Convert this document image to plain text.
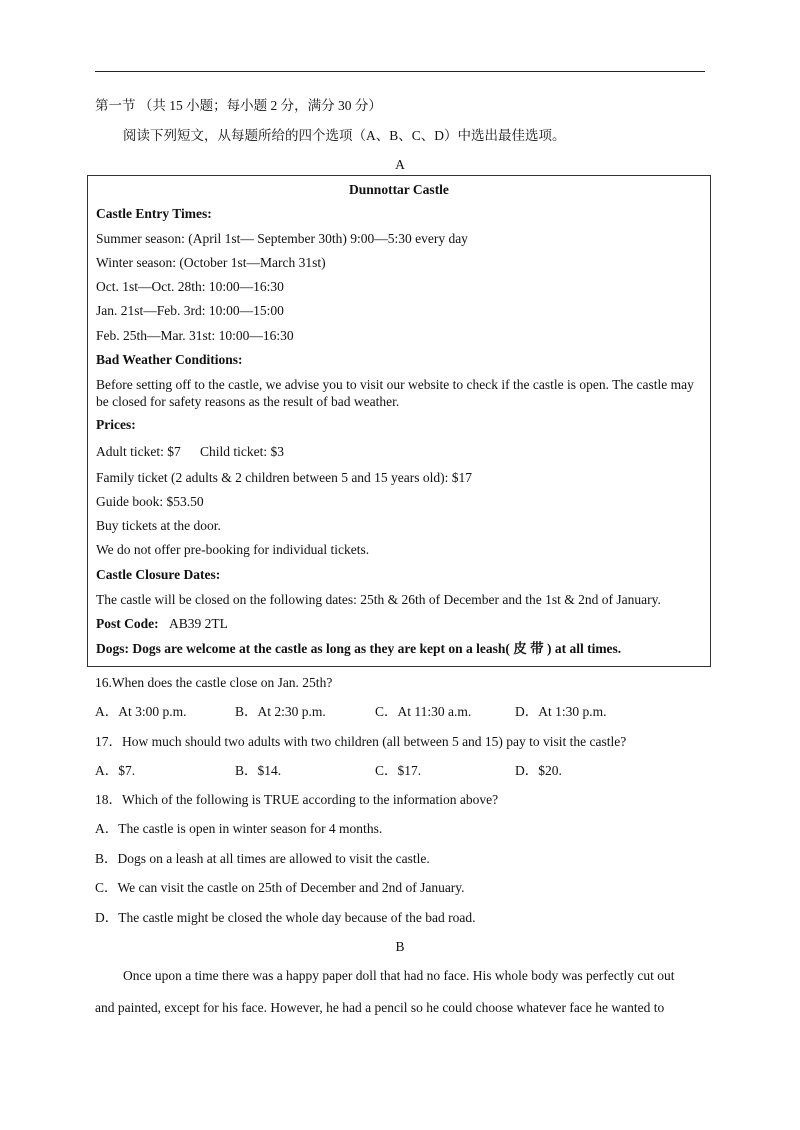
第一节 （共 15 小题；每小题 2 分，满分 30 分）
阅读下列短文，从每题所给的四个选项（A、B、C、D）中选出最佳选项。
A
Dunnottar Castle
Castle Entry Times:
Summer season: (April 1st— September 30th) 9:00—5:30 every day
Winter season: (October 1st—March 31st)
Oct. 1st—Oct. 28th: 10:00—16:30
Jan. 21st—Feb. 3rd: 10:00—15:00
Feb. 25th—Mar. 31st: 10:00—16:30
Bad Weather Conditions:
Before setting off to the castle, we advise you to visit our website to check if the castle is open. The castle may be closed for safety reasons as the result of bad weather.
Prices:
Adult ticket: $7 Child ticket: $3
Family ticket (2 adults & 2 children between 5 and 15 years old): $17
Guide book: $53.50
Buy tickets at the door.
We do not offer pre-booking for individual tickets.
Castle Closure Dates:
The castle will be closed on the following dates: 25th & 26th of December and the 1st & 2nd of January.
Post Code: AB39 2TL
Dogs: Dogs are welcome at the castle as long as they are kept on a leash( 皮 带 ) at all times.
16.When does the castle close on Jan. 25th?
A．At 3:00 p.m.	B．At 2:30 p.m.	C．At 11:30 a.m.	D．At 1:30 p.m.
17．How much should two adults with two children (all between 5 and 15) pay to visit the castle?
A．$7.	B．$14.	C．$17.	D．$20.
18．Which of the following is TRUE according to the information above?
A．The castle is open in winter season for 4 months.
B．Dogs on a leash at all times are allowed to visit the castle.
C．We can visit the castle on 25th of December and 2nd of January.
D．The castle might be closed the whole day because of the bad road.
B
Once upon a time there was a happy paper doll that had no face. His whole body was perfectly cut out
and painted, except for his face. However, he had a pencil so he could choose whatever face he wanted to
